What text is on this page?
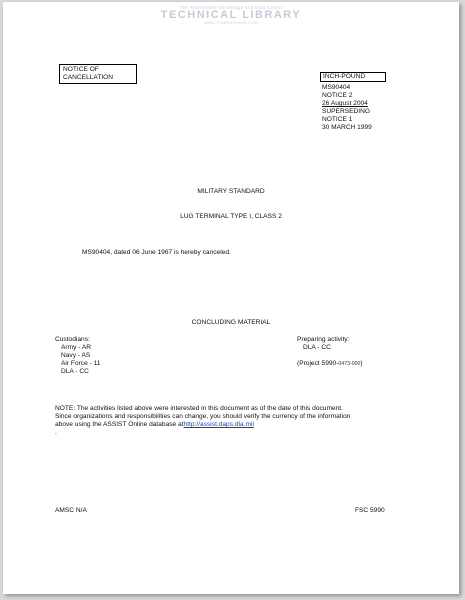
The Reasonable Knowledge and Data Center
TECHNICAL LIBRARY
ABBOTTAEROSPACE.COM
NOTICE OF
CANCELLATION	INCH-POUND
MS90404
NOTICE 2
26 August 2004
SUPERSEDING
NOTICE 1
30 MARCH 1999
MILITARY STANDARD
LUG TERMINAL TYPE I, CLASS 2
MS90404, dated 06 June 1967 is hereby canceled.
CONCLUDING MATERIAL
Custodians:
Army - AR
Navy - AS
Air Force - 11
DLA - CC
Preparing activity:
DLA - CC
(Project 5990-0473-000)
NOTE: The activities listed above were interested in this document as of the date of this document.
Since organizations and responsibilities can change, you should verify the currency of the information
above using the ASSIST Online database athttp://assist.daps.dla.mil
.
AMSC N/A	FSC 5990
